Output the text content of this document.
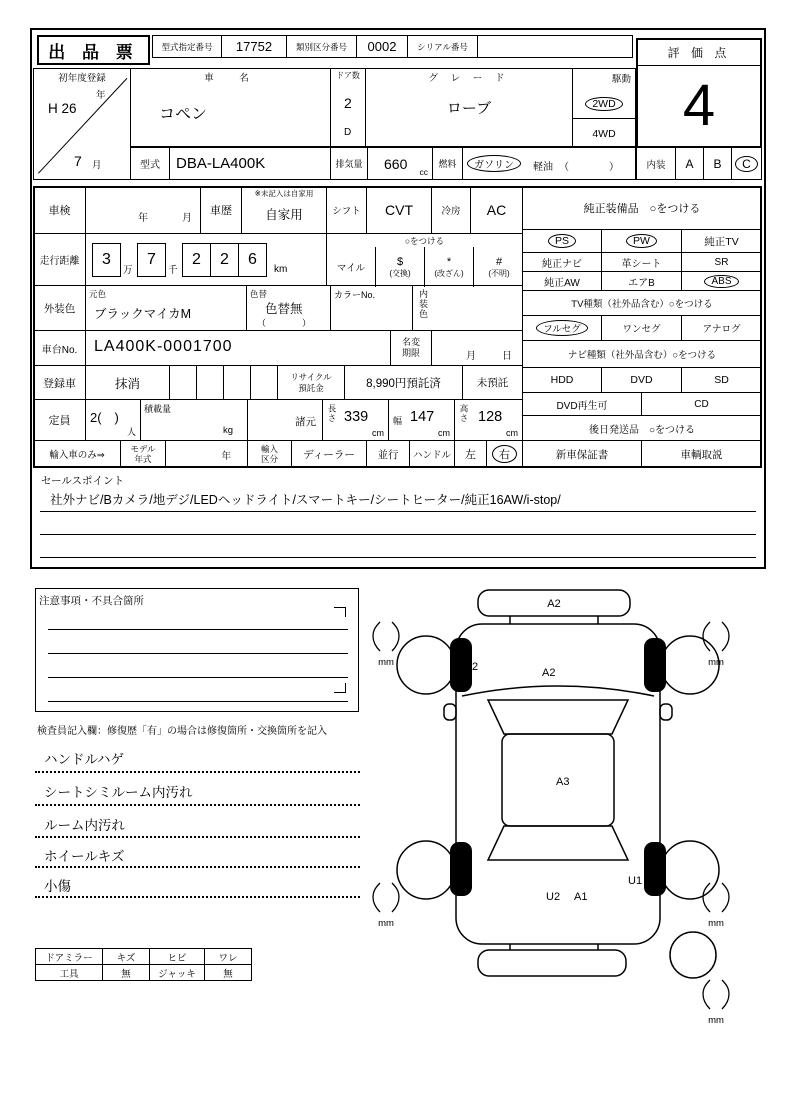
出 品 票	型式指定番号 17752	類別区分番号 0002 シリアル番号	評 価 点
4
内装 A B	C
初年度登録
年
H 26
7 月
車　名
コペン
ドア数
2
D
グ レ ー ド
ローブ
駆動
2WD
4WD
型式 DBA-LA400K	排気量 660 cc
燃料	ガソリン	軽油 （　　　　）
車検
年	月
車歴
※未記入は自家用
自家用	シフト CVT	冷房 AC
走行距離 3
万
7
千
2 2 6
km
○をつける
マイル
$
(交換)
*
(改ざん)
#
(不明)
外装色
元色
ブラックマイカM
色替
色替無
（　　　　）
カラーNo.	内装色
車台No. LA400K-0001700	名変
期限	月	日
登録車	抹消	リサイクル
預託金	8,990円預託済	未預託
定員 2(　)
人
積載量
kg
諸元 長さ 339
cm
幅 147
cm
高さ 128
cm
輸入車のみ⇒
モデル
年式	年
輸入
区分 ディーラー 並行 ハンドル 左	右
純正装備品　○をつける
PS	PW	純正TV
純正ナビ	革シート	SR
純正AW	エアB	ABS
TV種類（社外品含む）○をつける
フルセグ	ワンセグ	アナログ
ナビ種類（社外品含む）○をつける
HDD	DVD	SD
DVD再生可	CD
後日発送品　○をつける
新車保証書	車輌取説
セールスポイント
社外ナビ/Bカメラ/地デジ/LEDヘッドライト/スマートキー/シートヒーター/純正16AW/i-stop/
注意事項・不具合箇所
検査員記入欄：修復歴「有」の場合は修復箇所・交換箇所を記入
ハンドルハゲ
シートシミルーム内汚れ
ルーム内汚れ
ホイールキズ
小傷
ドアミラー	キズ	ヒビ	ワレ
工具	無	ジャッキ	無
A2
U2	A2
A3
U1
U2 A1
mm	mm
mm	mm
mm
